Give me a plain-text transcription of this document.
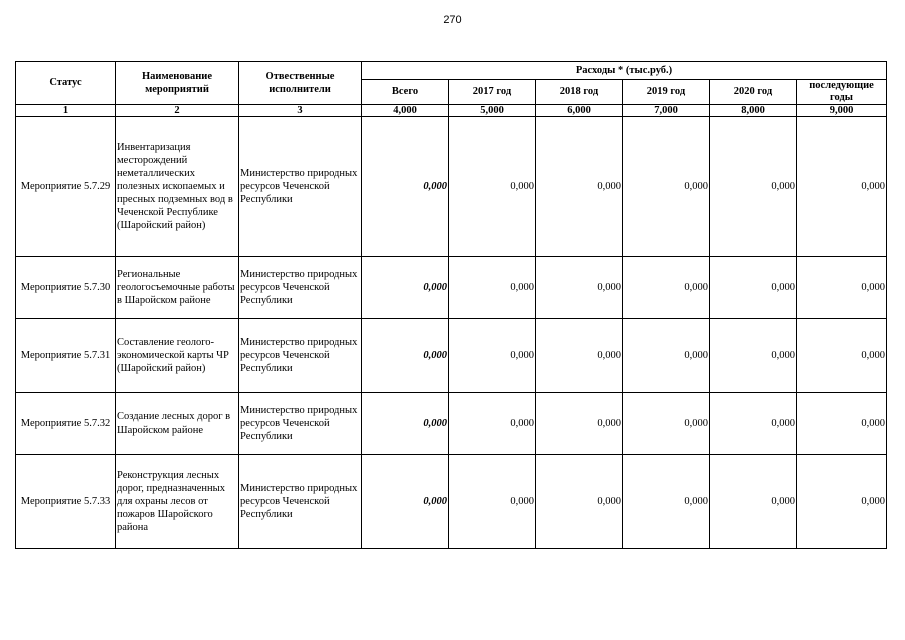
270
Статус	Наименование мероприятий	Отвественные исполнители	Расходы * (тыс.руб.)					
			Всего	2017 год	2018 год	2019 год	2020 год	последующие годы

1	2	3	4,000	5,000	6,000	7,000	8,000	9,000
Мероприятие 5.7.29	Инвентаризация месторождений неметаллических полезных ископаемых и пресных подземных вод в Чеченской Республике (Шаройский район)	Министерство природных ресурсов Чеченской Республики	0,000	0,000	0,000	0,000	0,000	0,000
Мероприятие 5.7.30	Региональные геологосъемочные работы в Шаройском районе	Министерство природных ресурсов Чеченской Республики	0,000	0,000	0,000	0,000	0,000	0,000
Мероприятие 5.7.31	Составление геолого-экономической карты ЧР (Шаройский район)	Министерство природных ресурсов Чеченской Республики	0,000	0,000	0,000	0,000	0,000	0,000
Мероприятие 5.7.32	Создание лесных дорог в Шаройском районе	Министерство природных ресурсов Чеченской Республики	0,000	0,000	0,000	0,000	0,000	0,000
Мероприятие 5.7.33	Реконструкция лесных дорог, предназначенных для охраны лесов от пожаров Шаройского района	Министерство природных ресурсов Чеченской Республики	0,000	0,000	0,000	0,000	0,000	0,000
